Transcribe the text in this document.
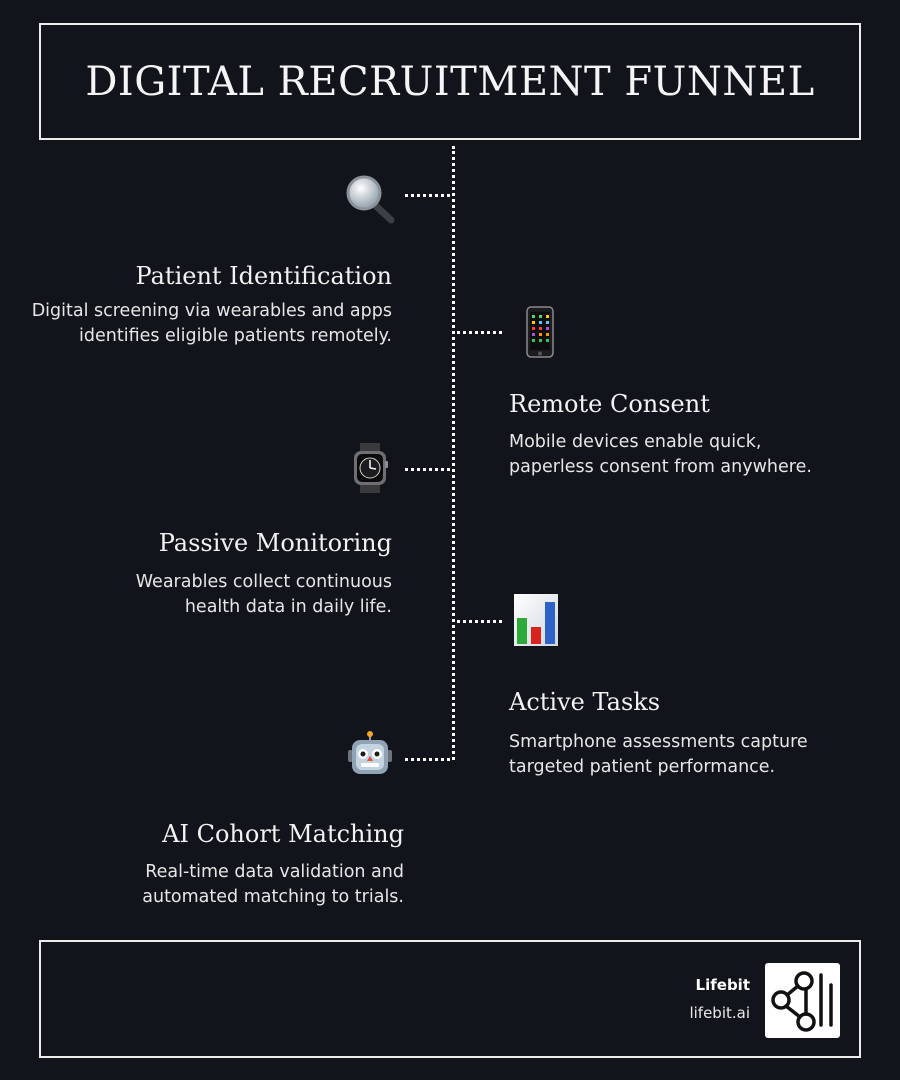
DIGITAL RECRUITMENT FUNNEL
Patient Identification

Digital screening via wearables and apps
identifies eligible patients remotely.

Remote Consent

Mobile devices enable quick,
paperless consent from anywhere.

Passive Monitoring

Wearables collect continuous
health data in daily life.

Active Tasks

Smartphone assessments capture
targeted patient performance.

AI Cohort Matching

Real-time data validation and
automated matching to trials.

Lifebit
lifebit.ai
